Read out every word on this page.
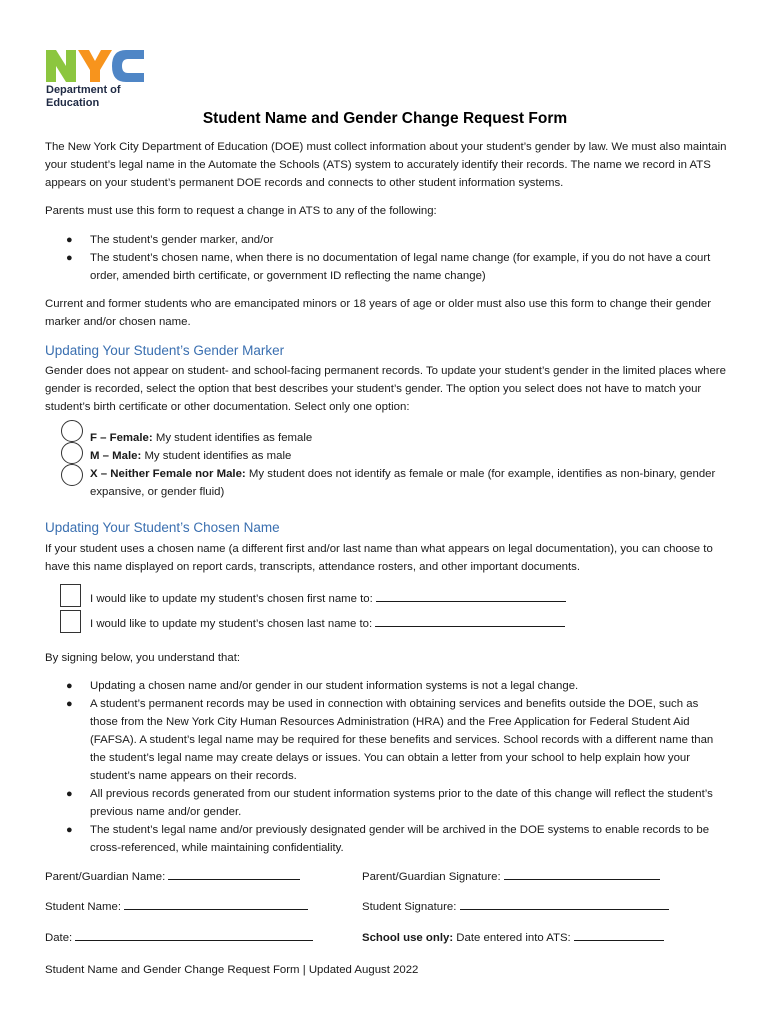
Department of
Education
Student Name and Gender Change Request Form

The New York City Department of Education (DOE) must collect information about your student’s gender by law. We must also maintain your student’s legal name in the Automate the Schools (ATS) system to accurately identify their records. The name we record in ATS appears on your student’s permanent DOE records and connects to other student information systems.

Parents must use this form to request a change in ATS to any of the following:

● The student’s gender marker, and/or
● The student’s chosen name, when there is no documentation of legal name change (for example, if you do not have a court order, amended birth certificate, or government ID reflecting the name change)

Current and former students who are emancipated minors or 18 years of age or older must also use this form to change their gender marker and/or chosen name.

Updating Your Student’s Gender Marker

Gender does not appear on student- and school-facing permanent records. To update your student’s gender in the limited places where gender is recorded, select the option that best describes your student’s gender. The option you select does not have to match your student’s birth certificate or other documentation. Select only one option:

F – Female: My student identifies as female
M – Male: My student identifies as male
X – Neither Female nor Male: My student does not identify as female or male (for example, identifies as non-binary, gender expansive, or gender fluid)
Updating Your Student’s Chosen Name

If your student uses a chosen name (a different first and/or last name than what appears on legal documentation), you can choose to have this name displayed on report cards, transcripts, attendance rosters, and other important documents.

I would like to update my student’s chosen first name to:
I would like to update my student’s chosen last name to:

By signing below, you understand that:

● Updating a chosen name and/or gender in our student information systems is not a legal change.
● A student’s permanent records may be used in connection with obtaining services and benefits outside the DOE, such as those from the New York City Human Resources Administration (HRA) and the Free Application for Federal Student Aid (FAFSA). A student’s legal name may be required for these benefits and services. School records with a different name than the student’s legal name may create delays or issues. You can obtain a letter from your school to help explain how your student’s name appears on their records.
● All previous records generated from our student information systems prior to the date of this change will reflect the student’s previous name and/or gender.
● The student’s legal name and/or previously designated gender will be archived in the DOE systems to enable records to be cross-referenced, while maintaining confidentiality.
Parent/Guardian Name:	Parent/Guardian Signature:
Student Name:	Student Signature:
Date:	School use only: Date entered into ATS:
Student Name and Gender Change Request Form | Updated August 2022
